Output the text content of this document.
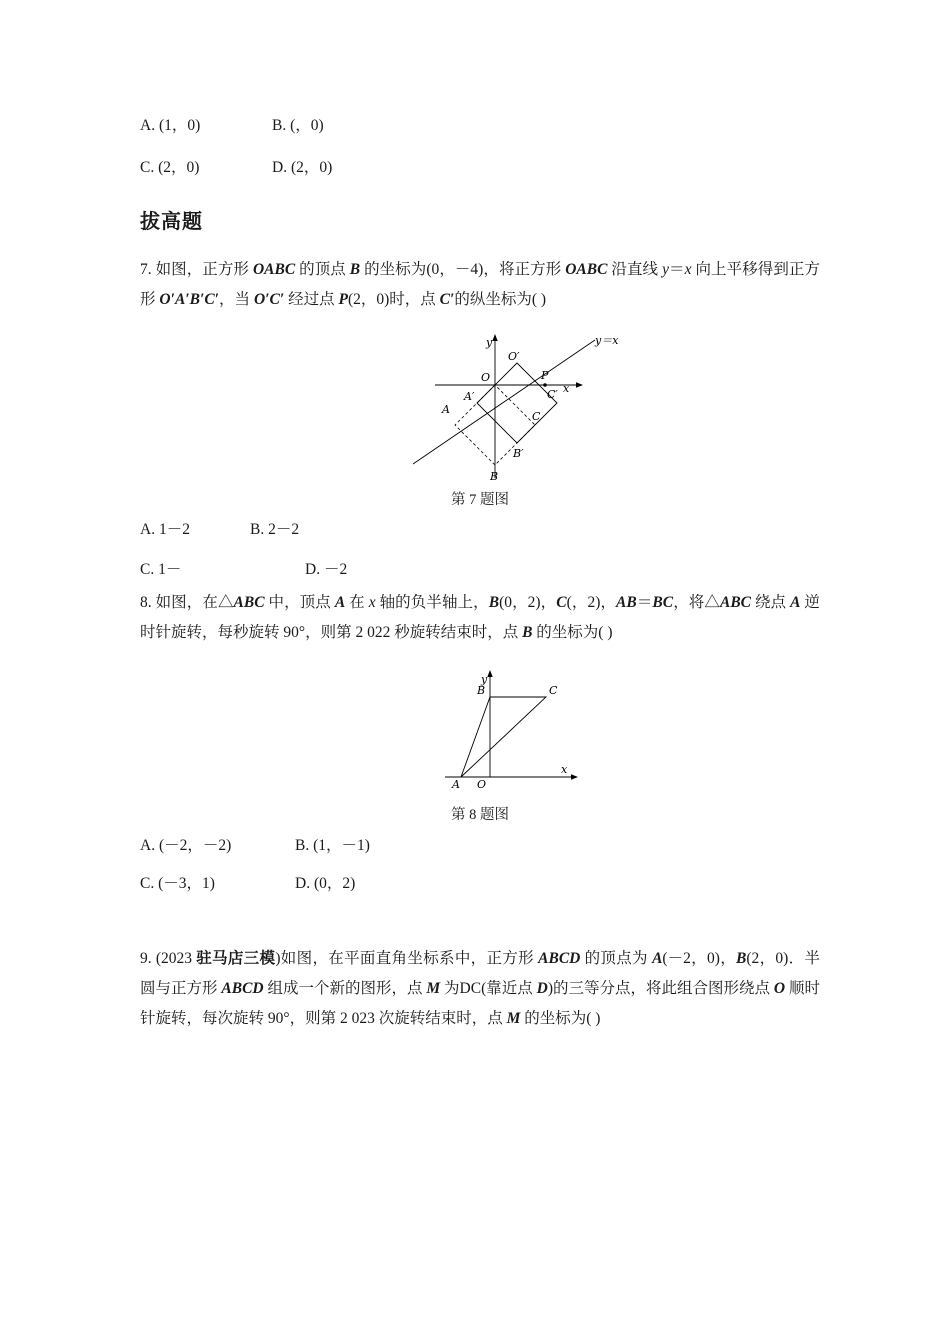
A. (1，0)	B. (，0)
C. (2，0)	D. (2，0)
拔高题
7. 如图，正方形 OABC 的顶点 B 的坐标为(0，－4)，将正方形 OABC 沿直线 y＝x 向上平移得到正方形 O′A′B′C′，当 O′C′ 经过点 P(2，0)时，点 C′的纵坐标为( )
y
x
y＝x
O
O′
P
A
A′
B
B′
C
C′
第 7 题图
A. 1－2	B. 2－2
C. 1－	D. －2
8. 如图，在△ABC 中，顶点 A 在 x 轴的负半轴上，B(0，2)，C(，2)，AB＝BC，将△ABC 绕点 A 逆时针旋转，每秒旋转 90°，则第 2 022 秒旋转结束时，点 B 的坐标为( )
y
x
B	C
A O
第 8 题图
A. (－2，－2)	B. (1，－1)
C. (－3，1)	D. (0，2)
9. (2023 驻马店三模)如图，在平面直角坐标系中，正方形 ABCD 的顶点为 A(－2，0)，B(2，0)．半圆与正方形 ABCD 组成一个新的图形，点 M 为DC(靠近点 D)的三等分点，将此组合图形绕点 O 顺时针旋转，每次旋转 90°，则第 2 023 次旋转结束时，点 M 的坐标为( )
